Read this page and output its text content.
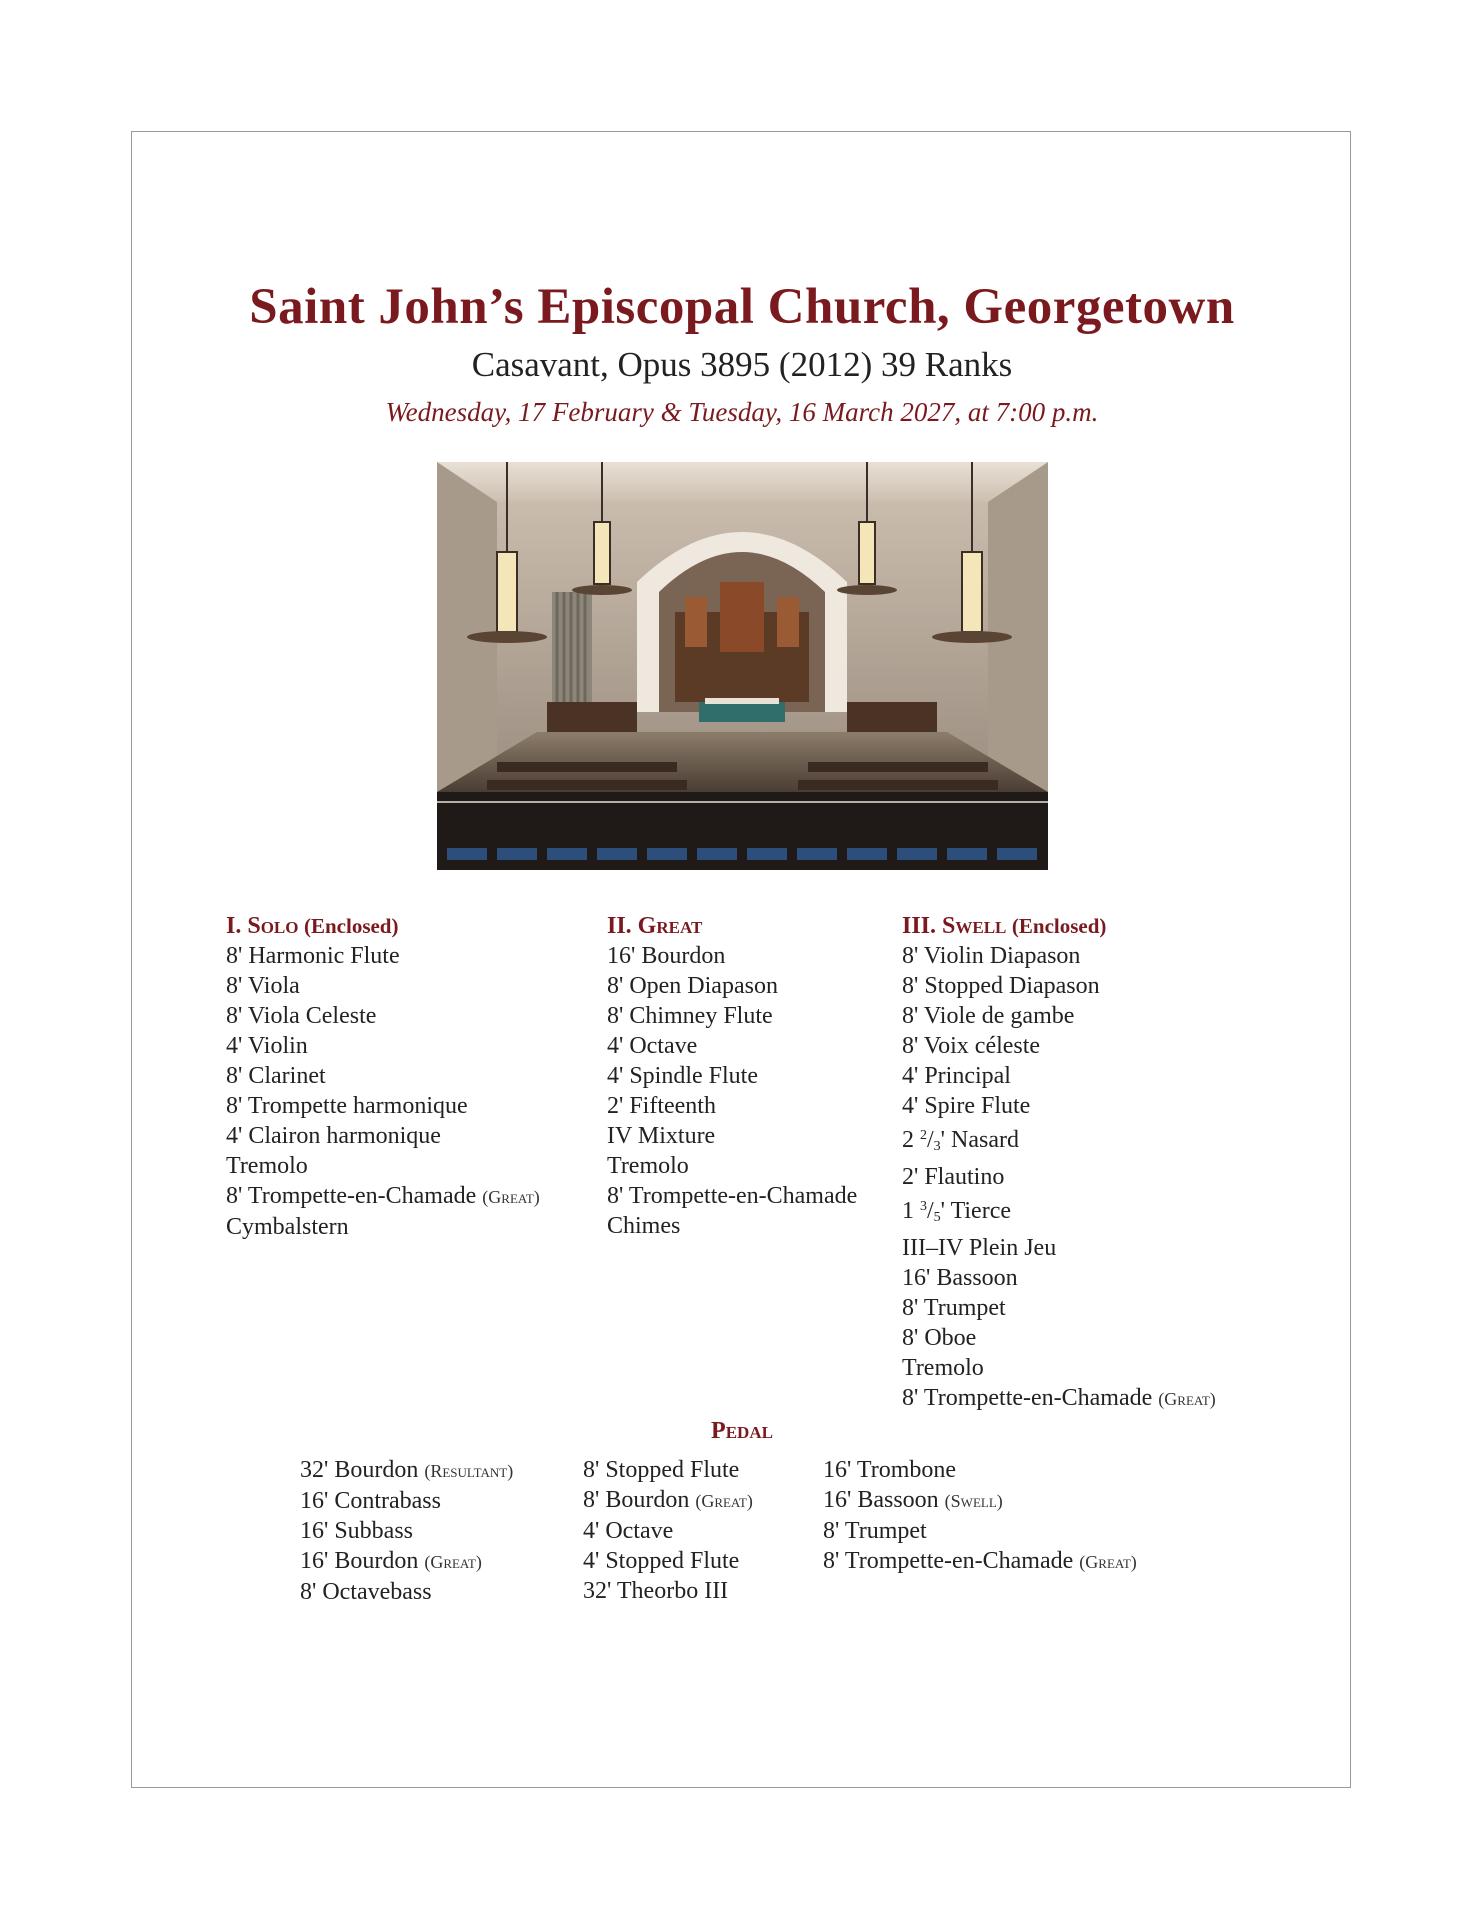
Saint John’s Episcopal Church, Georgetown
Casavant, Opus 3895 (2012) 39 Ranks
Wednesday, 17 February & Tuesday, 16 March 2027, at 7:00 p.m.
I. Solo (Enclosed)
8' Harmonic Flute
8' Viola
8' Viola Celeste
4' Violin
8' Clarinet
8' Trompette harmonique
4' Clairon harmonique
Tremolo
8' Trompette-en-Chamade (Great)
Cymbalstern
II. Great
16' Bourdon
8' Open Diapason
8' Chimney Flute
4' Octave
4' Spindle Flute
2' Fifteenth
IV Mixture
Tremolo
8' Trompette-en-Chamade
Chimes
III. Swell (Enclosed)
8' Violin Diapason
8' Stopped Diapason
8' Viole de gambe
8' Voix céleste
4' Principal
4' Spire Flute
2 $^2/_3'$ Nasard
2' Flautino
1 $^3/_5'$ Tierce
III–IV Plein Jeu
16' Bassoon
8' Trumpet
8' Oboe
Tremolo
8' Trompette-en-Chamade (Great)
Pedal
32' Bourdon (Resultant)
16' Contrabass
16' Subbass
16' Bourdon (Great)
8' Octavebass
8' Stopped Flute
8' Bourdon (Great)
4' Octave
4' Stopped Flute
32' Theorbo III
16' Trombone
16' Bassoon (Swell)
8' Trumpet
8' Trompette-en-Chamade (Great)
